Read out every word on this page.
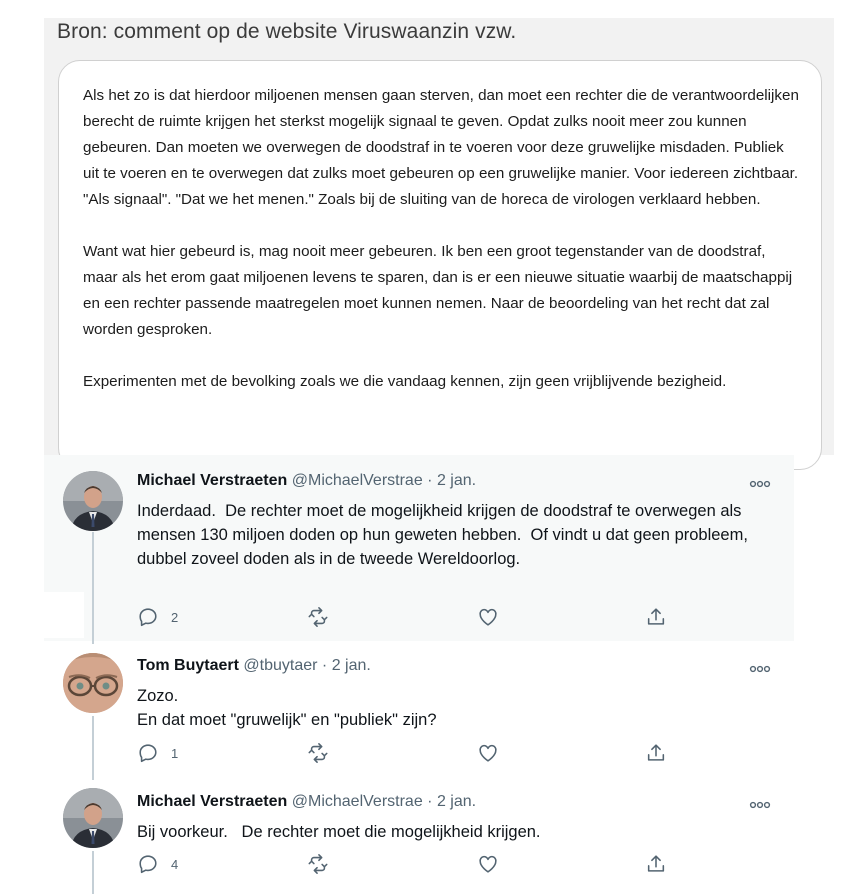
Bron: comment op de website Viruswaanzin vzw.

Als het zo is dat hierdoor miljoenen mensen gaan sterven, dan moet een rechter die de verantwoordelijken berecht de ruimte krijgen het sterkst mogelijk signaal te geven. Opdat zulks nooit meer zou kunnen gebeuren. Dan moeten we overwegen de doodstraf in te voeren voor deze gruwelijke misdaden. Publiek uit te voeren en te overwegen dat zulks moet gebeuren op een gruwelijke manier. Voor iedereen zichtbaar. "Als signaal". "Dat we het menen." Zoals bij de sluiting van de horeca de virologen verklaard hebben.

Want wat hier gebeurd is, mag nooit meer gebeuren. Ik ben een groot tegenstander van de doodstraf, maar als het erom gaat miljoenen levens te sparen, dan is er een nieuwe situatie waarbij de maatschappij en een rechter passende maatregelen moet kunnen nemen. Naar de beoordeling van het recht dat zal worden gesproken.

Experimenten met de bevolking zoals we die vandaag kennen, zijn geen vrijblijvende bezigheid.

Michael Verstraeten @MichaelVerstrae · 2 jan.
Inderdaad.  De rechter moet de mogelijkheid krijgen de doodstraf te overwegen als mensen 130 miljoen doden op hun geweten hebben.  Of vindt u dat geen probleem, dubbel zoveel doden als in de tweede Wereldoorlog.
2
Tom Buytaert @tbuytaer · 2 jan.
Zozo.
En dat moet "gruwelijk" en "publiek" zijn?
1
Michael Verstraeten @MichaelVerstrae · 2 jan.
Bij voorkeur.   De rechter moet die mogelijkheid krijgen.
4
